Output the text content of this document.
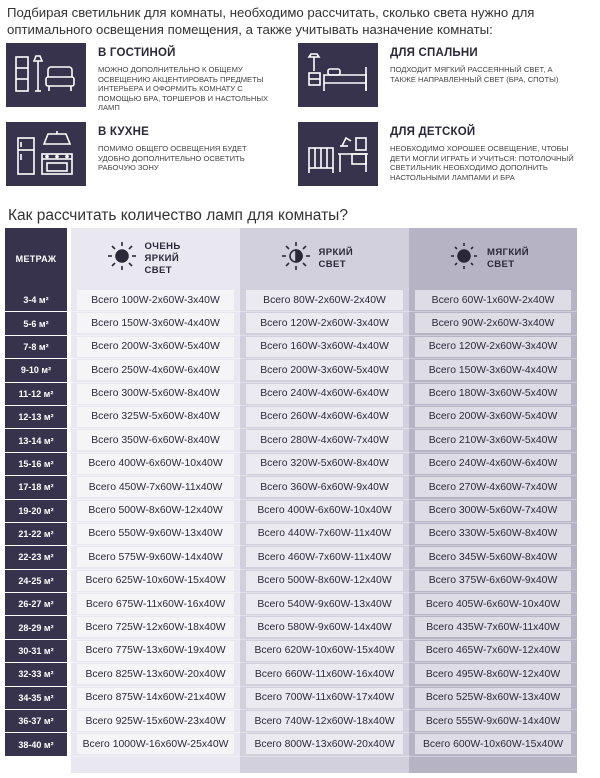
Подбирая светильник для комнаты, необходимо рассчитать, сколько света нужно для оптимального освещения помещения, а также учитывать назначение комнаты:
В ГОСТИНОЙ
МОЖНО ДОПОЛНИТЕЛЬНО К ОБЩЕМУ ОСВЕЩЕНИЮ АКЦЕНТИРОВАТЬ ПРЕДМЕТЫ ИНТЕРЬЕРА И ОФОРМИТЬ КОМНАТУ С ПОМОЩЬЮ БРА, ТОРШЕРОВ И НАСТОЛЬНЫХ ЛАМП
ДЛЯ СПАЛЬНИ
ПОДХОДИТ МЯГКИЙ РАССЕЯННЫЙ СВЕТ, А ТАКЖЕ НАПРАВЛЕННЫЙ СВЕТ (БРА, СПОТЫ)
В КУХНЕ
ПОМИМО ОБЩЕГО ОСВЕЩЕНИЯ БУДЕТ УДОБНО ДОПОЛНИТЕЛЬНО ОСВЕТИТЬ РАБОЧУЮ ЗОНУ
ДЛЯ ДЕТСКОЙ
НЕОБХОДИМО ХОРОШЕЕ ОСВЕЩЕНИЕ, ЧТОБЫ ДЕТИ МОГЛИ ИГРАТЬ И УЧИТЬСЯ: ПОТОЛОЧНЫЙ СВЕТИЛЬНИК НЕОБХОДИМО ДОПОЛНИТЬ НАСТОЛЬНЫМИ ЛАМПАМИ И БРА
Как рассчитать количество ламп для комнаты?
МЕТРАЖ
ОЧЕНЬ ЯРКИЙ СВЕТ
ЯРКИЙ СВЕТ
МЯГКИЙ СВЕТ
3-4 м²	Всего 100W-2x60W-3x40W	Всего 80W-2x60W-2x40W	Всего 60W-1x60W-2x40W
5-6 м²	Всего 150W-3x60W-4x40W	Всего 120W-2x60W-3x40W	Всего 90W-2x60W-3x40W
7-8 м²	Всего 200W-3x60W-5x40W	Всего 160W-3x60W-4x40W	Всего 120W-2x60W-3x40W
9-10 м²	Всего 250W-4x60W-6x40W	Всего 200W-3x60W-5x40W	Всего 150W-3x60W-4x40W
11-12 м²	Всего 300W-5x60W-8x40W	Всего 240W-4x60W-6x40W	Всего 180W-3x60W-5x40W
12-13 м²	Всего 325W-5x60W-8x40W	Всего 260W-4x60W-6x40W	Всего 200W-3x60W-5x40W
13-14 м²	Всего 350W-6x60W-8x40W	Всего 280W-4x60W-7x40W	Всего 210W-3x60W-5x40W
15-16 м²	Всего 400W-6x60W-10x40W	Всего 320W-5x60W-8x40W	Всего 240W-4x60W-6x40W
17-18 м²	Всего 450W-7x60W-11x40W	Всего 360W-6x60W-9x40W	Всего 270W-4x60W-7x40W
19-20 м²	Всего 500W-8x60W-12x40W	Всего 400W-6x60W-10x40W	Всего 300W-5x60W-7x40W
21-22 м²	Всего 550W-9x60W-13x40W	Всего 440W-7x60W-11x40W	Всего 330W-5x60W-8x40W
22-23 м²	Всего 575W-9x60W-14x40W	Всего 460W-7x60W-11x40W	Всего 345W-5x60W-8x40W
24-25 м²	Всего 625W-10x60W-15x40W	Всего 500W-8x60W-12x40W	Всего 375W-6x60W-9x40W
26-27 м²	Всего 675W-11x60W-16x40W	Всего 540W-9x60W-13x40W	Всего 405W-6x60W-10x40W
28-29 м²	Всего 725W-12x60W-18x40W	Всего 580W-9x60W-14x40W	Всего 435W-7x60W-11x40W
30-31 м²	Всего 775W-13x60W-19x40W	Всего 620W-10x60W-15x40W	Всего 465W-7x60W-12x40W
32-33 м²	Всего 825W-13x60W-20x40W	Всего 660W-11x60W-16x40W	Всего 495W-8x60W-12x40W
34-35 м²	Всего 875W-14x60W-21x40W	Всего 700W-11x60W-17x40W	Всего 525W-8x60W-13x40W
36-37 м²	Всего 925W-15x60W-23x40W	Всего 740W-12x60W-18x40W	Всего 555W-9x60W-14x40W
38-40 м²	Всего 1000W-16x60W-25x40W	Всего 800W-13x60W-20x40W	Всего 600W-10x60W-15x40W
